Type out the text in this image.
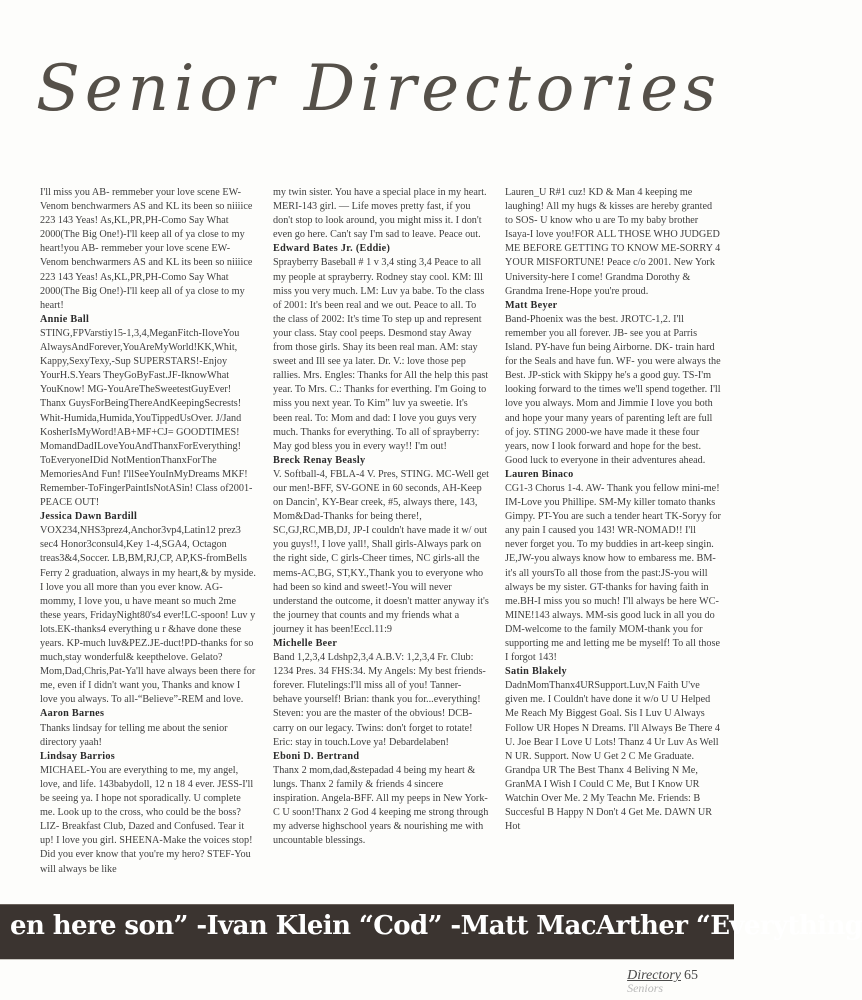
Senior Directories

I'll miss you AB- remmeber your love scene EW- Venom benchwarmers AS and KL its been so niiiice 223 143 Yeas! As,KL,PR,PH-Como Say What 2000(The Big One!)-I'll keep all of ya close to my heart!you AB- remmeber your love scene EW- Venom benchwarmers AS and KL its been so niiiice 223 143 Yeas! As,KL,PR,PH-Como Say What 2000(The Big One!)-I'll keep all of ya close to my heart!

Annie Ball
STING,FPVarstiy15-1,3,4,MeganFitch-IloveYou AlwaysAndForever,YouAreMyWorld!KK,Whit, Kappy,SexyTexy,-Sup SUPERSTARS!-Enjoy YourH.S.Years TheyGoByFast.JF-IknowWhat YouKnow! MG-YouAreTheSweetestGuyEver! Thanx GuysForBeingThereAndKeepingSecrests! Whit-Humida,Humida,YouTippedUsOver. J/Jand KosherIsMyWord!AB+MF+CJ= GOODTIMES! MomandDadILoveYouAndThanxForEverything! ToEveryoneIDid NotMentionThanxForThe MemoriesAnd Fun! I'llSeeYouInMyDreams MKF! Remember-ToFingerPaintIsNotASin! Class of2001-PEACE OUT!

Jessica Dawn Bardill
VOX234,NHS3prez4,Anchor3vp4,Latin12 prez3 sec4 Honor3consul4,Key 1-4,SGA4, Octagon treas3&4,Soccer. LB,BM,RJ,CP, AP,KS-fromBells Ferry 2 graduation, always in my heart,& by myside. I love you all more than you ever know. AG-mommy, I love you, u have meant so much 2me these years, FridayNight80's4 ever!LC-spoon! Luv y lots.EK-thanks4 everything u r &have done these years. KP-much luv&PEZ.JE-duct!PD-thanks for so much,stay wonderful& keepthelove. Gelato?Mom,Dad,Chris,Pat-Ya'll have always been there for me, even if I didn't want you, Thanks and know I love you always. To all-“Believe”-REM and love.

Aaron Barnes
Thanks lindsay for telling me about the senior directory yaah!

Lindsay Barrios
MICHAEL-You are everything to me, my angel, love, and life. 143babydoll, 12 n 18 4 ever. JESS-I'll be seeing ya. I hope not sporadically. U complete me. Look up to the cross, who could be the boss? LIZ- Breakfast Club, Dazed and Confused. Tear it up! I love you girl. SHEENA-Make the voices stop! Did you ever know that you're my hero? STEF-You will always be like

my twin sister. You have a special place in my heart. MERI-143 girl. — Life moves pretty fast, if you don't stop to look around, you might miss it. I don't even go here. Can't say I'm sad to leave. Peace out.

Edward Bates Jr. (Eddie)
Sprayberry Baseball # 1 v 3,4 sting 3,4 Peace to all my people at sprayberry. Rodney stay cool. KM: Ill miss you very much. LM: Luv ya babe. To the class of 2001: It's been real and we out. Peace to all. To the class of 2002: It's time To step up and represent your class. Stay cool peeps. Desmond stay Away from those girls. Shay its been real man. AM: stay sweet and Ill see ya later. Dr. V.: love those pep rallies. Mrs. Engles: Thanks for All the help this past year. To Mrs. C.: Thanks for everthing. I'm Going to miss you next year. To Kim” luv ya sweetie. It's been real. To: Mom and dad: I love you guys very much. Thanks for everything. To all of sprayberry: May god bless you in every way!! I'm out!

Breck Renay Beasly
V. Softball-4, FBLA-4 V. Pres, STING. MC-Well get our men!-BFF, SV-GONE in 60 seconds, AH-Keep on Dancin', KY-Bear creek, #5, always there, 143, Mom&Dad-Thanks for being there!, SC,GJ,RC,MB,DJ, JP-I couldn't have made it w/ out you guys!!, I love yall!, Shall girls-Always park on the right side, C girls-Cheer times, NC girls-all the mems-AC,BG, ST,KY.,Thank you to everyone who had been so kind and sweet!-You will never understand the outcome, it doesn't matter anyway it's the journey that counts and my friends what a journey it has been!Eccl.11:9

Michelle Beer
Band 1,2,3,4 Ldshp2,3,4 A.B.V: 1,2,3,4 Fr. Club: 1234 Pres. 34 FHS:34. My Angels: My best friends-forever. Flutelings:I'll miss all of you! Tanner-behave yourself! Brian: thank you for...everything! Steven: you are the master of the obvious! DCB-carry on our legacy. Twins: don't forget to rotate! Eric: stay in touch.Love ya! Debardelaben!

Eboni D. Bertrand
Thanx 2 mom,dad,&stepadad 4 being my heart & lungs. Thanx 2 family & friends 4 sincere inspiration. Angela-BFF. All my peeps in New York-C U soon!Thanx 2 God 4 keeping me strong through my adverse highschool years & nourishing me with uncountable blessings.

Lauren_U R#1 cuz! KD & Man 4 keeping me laughing! All my hugs & kisses are hereby granted to SOS- U know who u are To my baby brother Isaya-I love you!FOR ALL THOSE WHO JUDGED ME BEFORE GETTING TO KNOW ME-SORRY 4 YOUR MISFORTUNE! Peace c/o 2001. New York University-here I come! Grandma Dorothy & Grandma Irene-Hope you're proud.

Matt Beyer
Band-Phoenix was the best. JROTC-1,2. I'll remember you all forever. JB- see you at Parris Island. PY-have fun being Airborne. DK- train hard for the Seals and have fun. WF- you were always the Best. JP-stick with Skippy he's a good guy. TS-I'm looking forward to the times we'll spend together. I'll love you always. Mom and Jimmie I love you both and hope your many years of parenting left are full of joy. STING 2000-we have made it these four years, now I look forward and hope for the best. Good luck to everyone in their adventures ahead.

Lauren Binaco
CG1-3 Chorus 1-4. AW- Thank you fellow mini-me! IM-Love you Phillipe. SM-My killer tomato thanks Gimpy. PT-You are such a tender heart TK-Soryy for any pain I caused you 143! WR-NOMAD!! I'll never forget you. To my buddies in art-keep singin. JE,JW-you always know how to embaress me. BM-it's all yoursTo all those from the past:JS-you will always be my sister. GT-thanks for having faith in me.BH-I miss you so much! I'll always be here WC-MINE!143 always. MM-sis good luck in all you do DM-welcome to the family MOM-thank you for supporting me and letting me be myself! To all those I forgot 143!

Satin Blakely
DadnMomThanx4URSupport.Luv,N Faith U've given me. I Couldn't have done it w/o U U Helped Me Reach My Biggest Goal. Sis I Luv U Always Follow UR Hopes N Dreams. I'll Always Be There 4 U. Joe Bear I Love U Lots! Thanz 4 Ur Luv As Well N UR. Support. Now U Get 2 C Me Graduate. Grandpa UR The Best Thanx 4 Beliving N Me, GranMA I Wish I Could C Me, But I Know UR Watchin Over Me. 2 My Teachn Me. Friends: B Succesful B Happy N Don't 4 Get Me. DAWN UR Hot

en here son” -Ivan Klein “Cod” -Matt MacArther “Everything
Directory 65
Seniors
